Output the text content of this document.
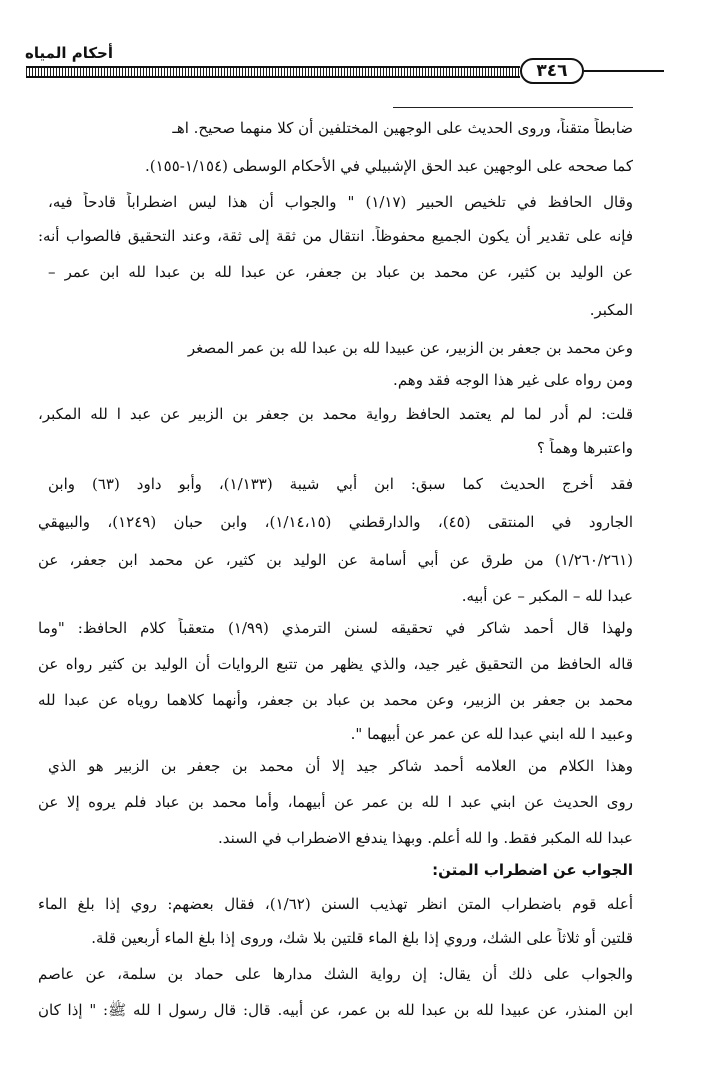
أحكام المياه
٣٤٦

ضابطاً متقناً، وروى الحديث على الوجهين المختلفين أن كلا منهما صحيح. اهـ

كما صححه على الوجهين عبد الحق الإشبيلي في الأحكام الوسطى (١/١٥٤-١٥٥).

وقال الحافظ في تلخيص الحبير (١/١٧) " والجواب أن هذا ليس اضطراباً قادحاً فيه،

فإنه على تقدير أن يكون الجميع محفوظاً. انتقال من ثقة إلى ثقة، وعند التحقيق فالصواب أنه:

عن الوليد بن كثير، عن محمد بن عباد بن جعفر، عن عبدا لله بن عبدا لله ابن عمر –

المكبر.

وعن محمد بن جعفر بن الزبير، عن عبيدا لله بن عبدا لله بن عمر المصغر

ومن رواه على غير هذا الوجه فقد وهم.

قلت: لم أدر لما لم يعتمد الحافظ رواية محمد بن جعفر بن الزبير عن عبد ا لله المكبر،

واعتبرها وهماً ؟

فقد أخرج الحديث كما سبق: ابن أبي شيبة (١/١٣٣)، وأبو داود (٦٣) وابن

الجارود في المنتقى (٤٥)، والدارقطني (١/١٤،١٥)، وابن حبان (١٢٤٩)، والبيهقي

(١/٢٦٠/٢٦١) من طرق عن أبي أسامة عن الوليد بن كثير، عن محمد ابن جعفر، عن

عبدا لله – المكبر – عن أبيه.

ولهذا قال أحمد شاكر في تحقيقه لسنن الترمذي (١/٩٩) متعقباً كلام الحافظ: "وما

قاله الحافظ من التحقيق غير جيد، والذي يظهر من تتبع الروايات أن الوليد بن كثير رواه عن

محمد بن جعفر بن الزبير، وعن محمد بن عباد بن جعفر، وأنهما كلاهما روياه عن عبدا لله

وعبيد ا لله ابني عبدا لله عن عمر عن أبيهما ".

وهذا الكلام من العلامه أحمد شاكر جيد إلا أن محمد بن جعفر بن الزبير هو الذي

روى الحديث عن ابني عبد ا لله بن عمر عن أبيهما، وأما محمد بن عباد فلم يروه إلا عن

عبدا لله المكبر فقط. وا لله أعلم. وبهذا يندفع الاضطراب في السند.

الجواب عن اضطراب المتن:

أعله قوم باضطراب المتن انظر تهذيب السنن (١/٦٢)، فقال بعضهم: روي إذا بلغ الماء

قلتين أو ثلاثاً على الشك، وروي إذا بلغ الماء قلتين بلا شك، وروى إذا بلغ الماء أربعين قلة.

والجواب على ذلك أن يقال: إن رواية الشك مدارها على حماد بن سلمة، عن عاصم

ابن المنذر، عن عبيدا لله بن عبدا لله بن عمر، عن أبيه. قال: قال رسول ا لله ﷺ: " إذا كان
